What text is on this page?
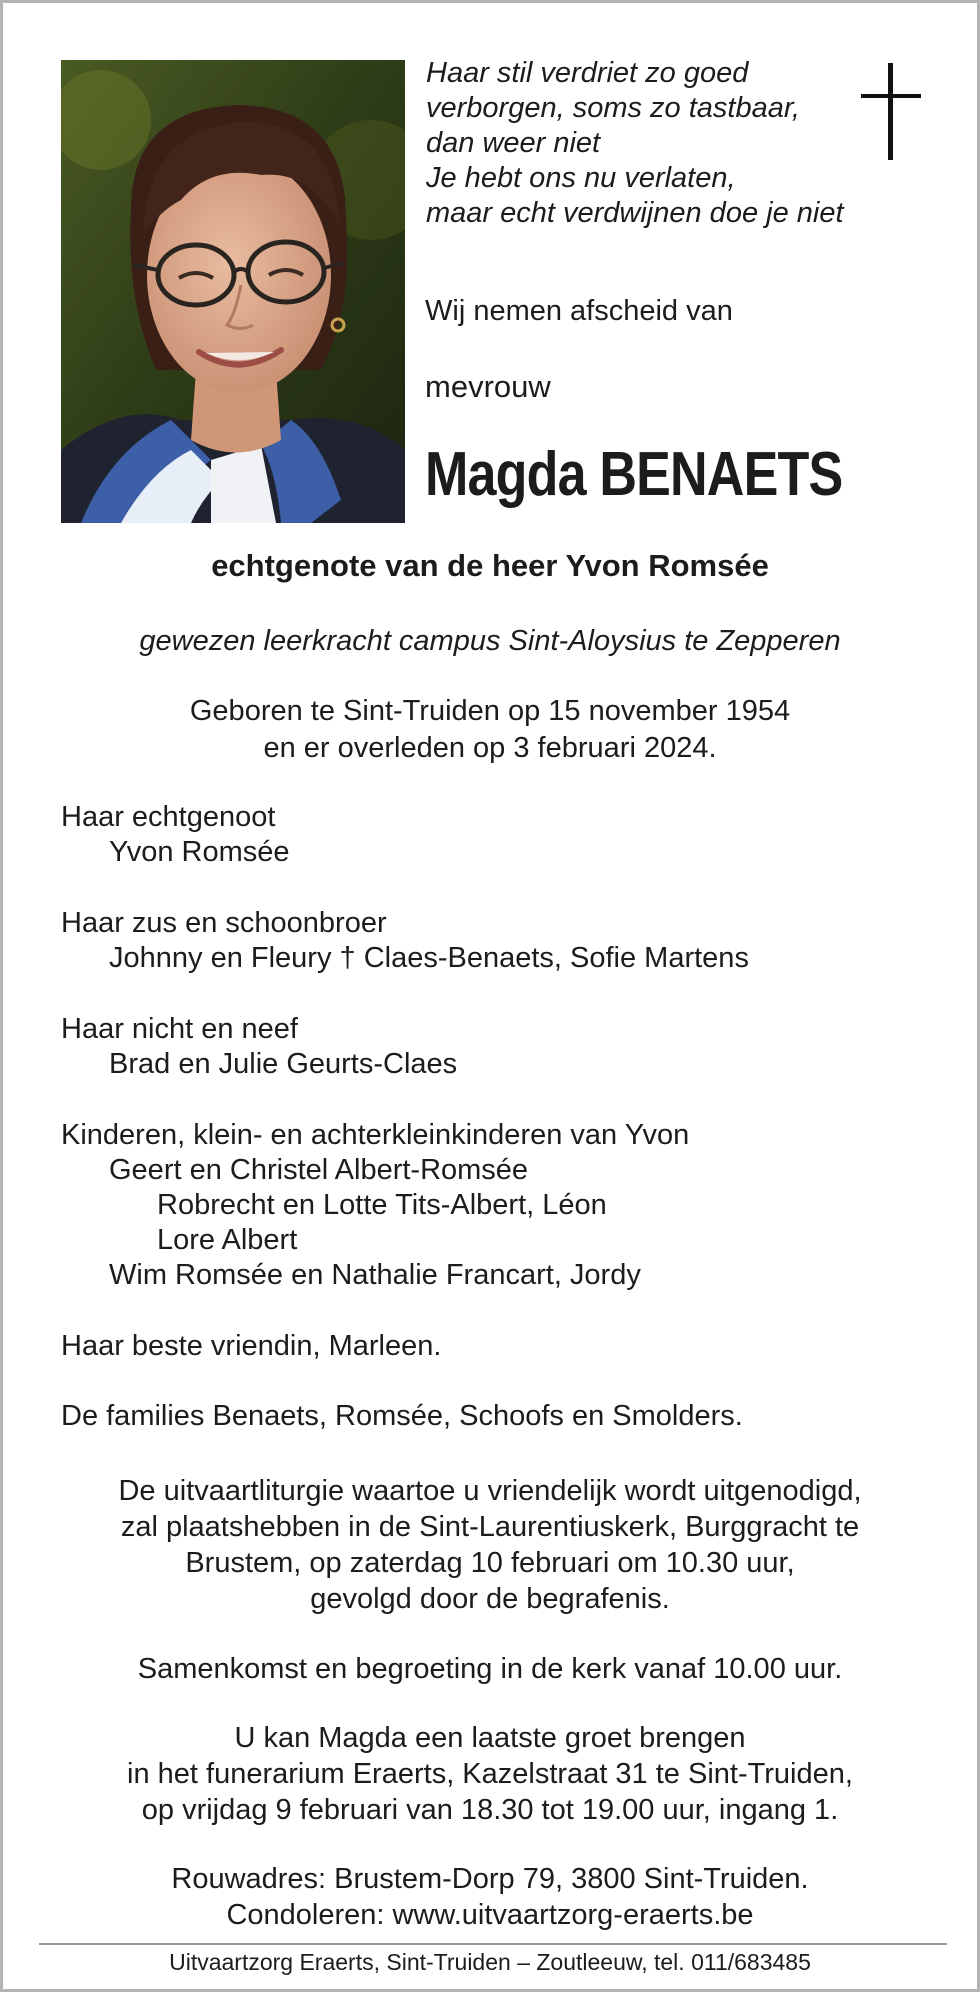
Haar stil verdriet zo goed
verborgen, soms zo tastbaar,
dan weer niet
Je hebt ons nu verlaten,
maar echt verdwijnen doe je niet
Wij nemen afscheid van
mevrouw
Magda BENAETS
echtgenote van de heer Yvon Romsée
gewezen leerkracht campus Sint-Aloysius te Zepperen
Geboren te Sint-Truiden op 15 november 1954
en er overleden op 3 februari 2024.
Haar echtgenoot
Yvon Romsée
Haar zus en schoonbroer
Johnny en Fleury † Claes-Benaets, Sofie Martens
Haar nicht en neef
Brad en Julie Geurts-Claes
Kinderen, klein- en achterkleinkinderen van Yvon
Geert en Christel Albert-Romsée
Robrecht en Lotte Tits-Albert, Léon
Lore Albert
Wim Romsée en Nathalie Francart, Jordy
Haar beste vriendin, Marleen.
De families Benaets, Romsée, Schoofs en Smolders.
De uitvaartliturgie waartoe u vriendelijk wordt uitgenodigd,
zal plaatshebben in de Sint-Laurentiuskerk, Burggracht te
Brustem, op zaterdag 10 februari om 10.30 uur,
gevolgd door de begrafenis.
Samenkomst en begroeting in de kerk vanaf 10.00 uur.
U kan Magda een laatste groet brengen
in het funerarium Eraerts, Kazelstraat 31 te Sint-Truiden,
op vrijdag 9 februari van 18.30 tot 19.00 uur, ingang 1.
Rouwadres: Brustem-Dorp 79, 3800 Sint-Truiden.
Condoleren: www.uitvaartzorg-eraerts.be
Uitvaartzorg Eraerts, Sint-Truiden – Zoutleeuw, tel. 011/683485
